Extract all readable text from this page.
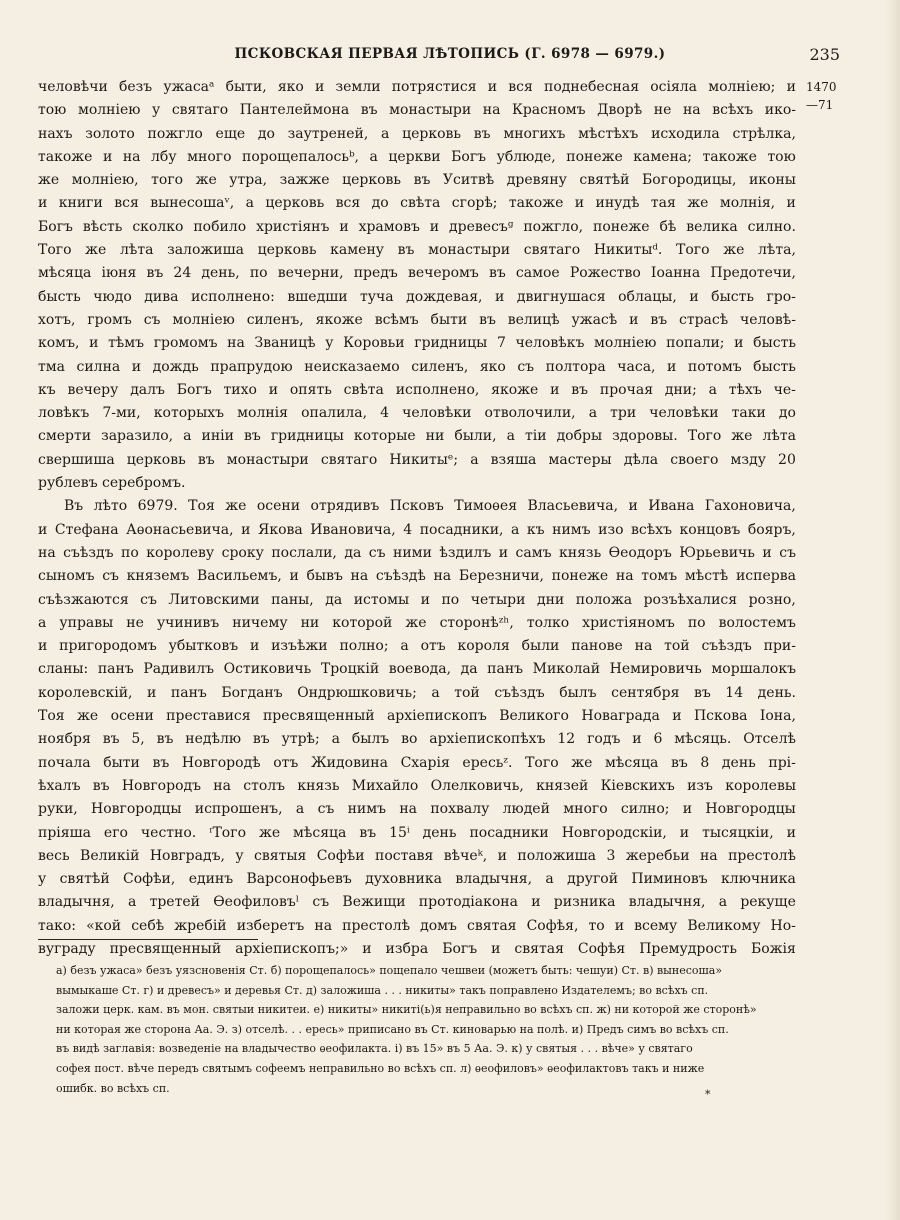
ПСКОВСКАЯ ПЕРВАЯ ЛѢТОПИСЬ (Г. 6978 — 6979.)	235
1470
—71
человѣчи безъ ужасаᵃ быти, яко и земли потрястися и вся поднебесная осіяла молніею; и
тою молніею у святаго Пантелеймона въ монастыри на Красномъ Дворѣ не на всѣхъ ико-
нахъ золото пожгло еще до заутреней, а церковь въ многихъ мѣстѣхъ исходила стрѣлка,
такоже и на лбу много порощепалосьᵇ, а церкви Богъ ублюде, понеже камена; такоже тою
же молніею, того же утра, зажже церковь въ Уситвѣ древяну святѣй Богородицы, иконы
и книги вся вынесошаᵛ, а церковь вся до свѣта сгорѣ; такоже и инудѣ тая же молнія, и
Богъ вѣсть сколко побило христіянъ и храмовъ и древесъᵍ пожгло, понеже бѣ велика силно.
Того же лѣта заложиша церковь камену въ монастыри святаго Никитыᵈ. Того же лѣта,
мѣсяца іюня въ 24 день, по вечерни, предъ вечеромъ въ самое Рожество Іоанна Предотечи,
бысть чюдо дива исполнено: вшедши туча дождевая, и двигнушася облацы, и бысть гро-
хотъ, громъ съ молніею силенъ, якоже всѣмъ быти въ велицѣ ужасѣ и въ страсѣ человѣ-
комъ, и тѣмъ громомъ на Званицѣ у Коровьи гридницы 7 человѣкъ молніею попали; и бысть
тма силна и дождь прапрудою неисказаемо силенъ, яко съ полтора часа, и потомъ бысть
къ вечеру далъ Богъ тихо и опять свѣта исполнено, якоже и въ прочая дни; а тѣхъ че-
ловѣкъ 7-ми, которыхъ молнія опалила, 4 человѣки отволочили, а три человѣки таки до
смерти заразило, а иніи въ гридницы которые ни были, а тіи добры здоровы. Того же лѣта
свершиша церковь въ монастыри святаго Никитыᵉ; а взяша мастеры дѣла своего мзду 20
рублевъ серебромъ.
Въ лѣто 6979. Тоя же осени отрядивъ Псковъ Тимоѳея Власьевича, и Ивана Гахоновича,
и Стефана Аѳонасьевича, и Якова Ивановича, 4 посадники, а къ нимъ изо всѣхъ концовъ бояръ,
на съѣздъ по королеву сроку послали, да съ ними ѣздилъ и самъ князь Ѳеодоръ Юрьевичь и съ
сыномъ съ княземъ Васильемъ, и бывъ на съѣздѣ на Березничи, понеже на томъ мѣстѣ исперва
съѣзжаются съ Литовскими паны, да истомы и по четыри дни положа розъѣхалися розно,
а управы не учинивъ ничему ни которой же сторонѣᶻʰ, толко христіяномъ по волостемъ
и пригородомъ убытковъ и изъѣжи полно; а отъ короля были панове на той съѣздъ при-
сланы: панъ Радивилъ Остиковичь Троцкій воевода, да панъ Миколай Немировичь моршалокъ
королевскій, и панъ Богданъ Ондрюшковичь; а той съѣздъ былъ сентября въ 14 день.
Тоя же осени преставися пресвященный архіепископъ Великого Новаграда и Пскова Іона,
ноября въ 5, въ недѣлю въ утрѣ; а былъ во архіепископѣхъ 12 годъ и 6 мѣсяць. Отселѣ
почала быти въ Новгородѣ отъ Жидовина Схарія ересьᶻ. Того же мѣсяца въ 8 день прі-
ѣхалъ въ Новгородъ на столъ князь Михайло Олелковичь, князей Кіевскихъ изъ королевы
руки, Новгородцы испрошенъ, а съ нимъ на похвалу людей много силно; и Новгородцы
пріяша его честно. ᶦТого же мѣсяца въ 15ⁱ день посадники Новгородскіи, и тысяцкіи, и
весь Великій Новградъ, у святыя Софѣи поставя вѣчеᵏ, и положиша 3 жеребьи на престолѣ
у святѣй Софѣи, единъ Варсонофьевъ духовника владычня, а другой Пиминовъ ключника
владычня, а третей Ѳеофиловъˡ съ Вежищи протодіакона и ризника владычня, а рекуще
тако: «кой себѣ жребій изберетъ на престолѣ домъ святая Софѣя, то и всему Великому Но-
вуграду пресвященный архіепископъ;» и избра Богъ и святая Софѣя Премудрость Божія
а) безъ ужаса» безъ уязсновенія Ст. б) порощепалось» пощепало чешвеи (можетъ быть: чешуи) Ст. в) вынесоша»
вымыкаше Ст. г) и древесъ» и деревья Ст. д) заложиша . . . никиты» такъ поправлено Издателемъ; во всѣхъ сп.
заложи церк. кам. въ мон. святыи никитеи. е) никиты» никиті(ь)я неправильно во всѣхъ сп. ж) ни которой же сторонѣ»
ни которая же сторона Аа. Э. з) отселѣ. . . ересь» приписано въ Ст. киноварью на полѣ. и) Предъ симъ во всѣхъ сп.
въ видѣ заглавія: возведеніе на владычество ѳеофилакта. і) въ 15» въ 5 Аа. Э. к) у святыя . . . вѣче» у святаго
софея пост. вѣче передъ святымъ софеемъ неправильно во всѣхъ сп. л) ѳеофиловъ» ѳеофилактовъ такъ и ниже
ошибк. во всѣхъ сп.	*
